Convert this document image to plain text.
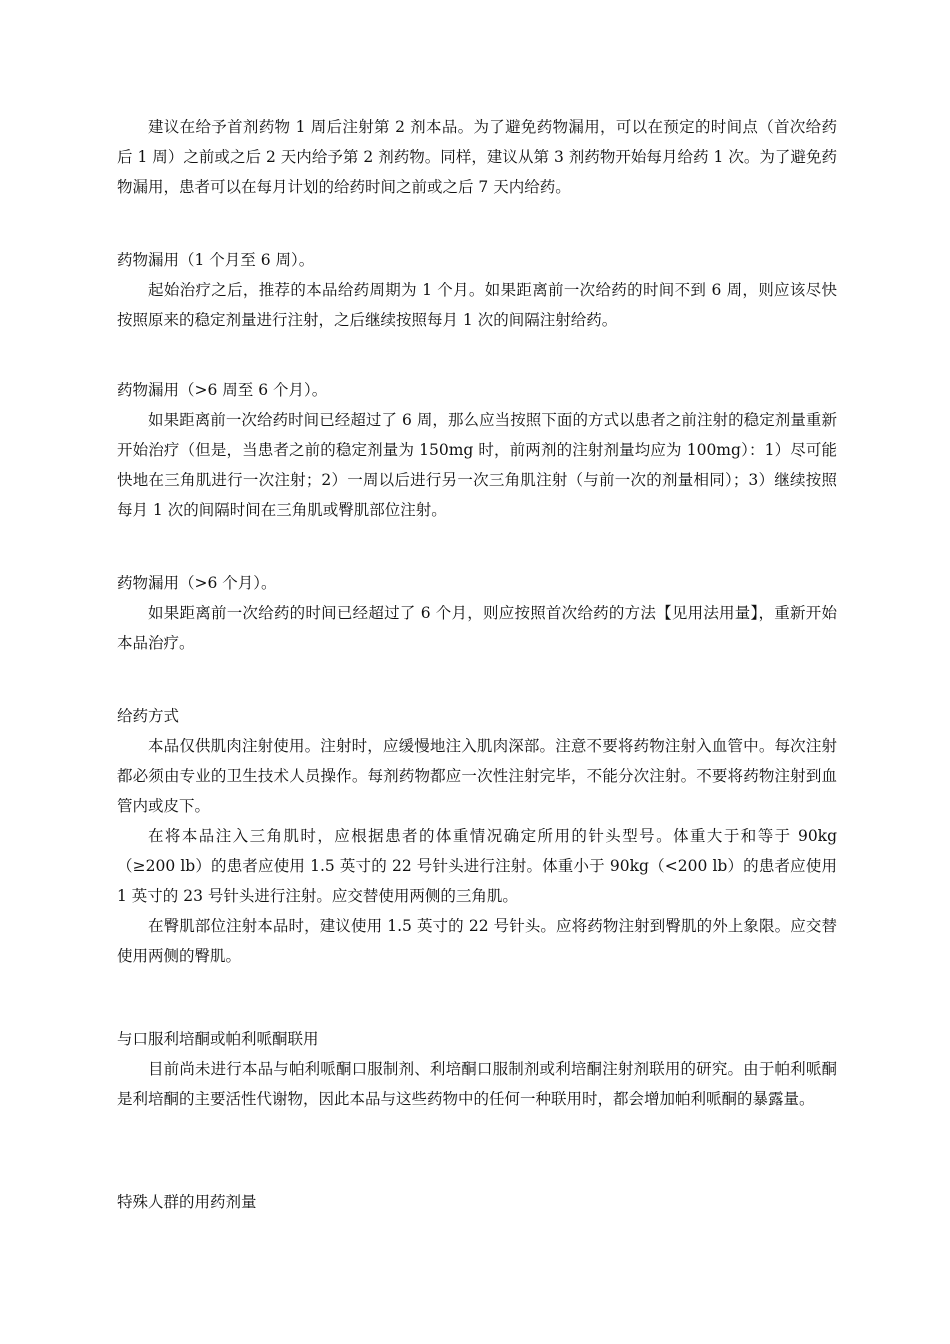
建议在给予首剂药物 1 周后注射第 2 剂本品。为了避免药物漏用，可以在预定的时间点（首次给药后 1 周）之前或之后 2 天内给予第 2 剂药物。同样，建议从第 3 剂药物开始每月给药 1 次。为了避免药物漏用，患者可以在每月计划的给药时间之前或之后 7 天内给药。

药物漏用（1 个月至 6 周）。

起始治疗之后，推荐的本品给药周期为 1 个月。如果距离前一次给药的时间不到 6 周，则应该尽快按照原来的稳定剂量进行注射，之后继续按照每月 1 次的间隔注射给药。

药物漏用（>6 周至 6 个月）。

如果距离前一次给药时间已经超过了 6 周，那么应当按照下面的方式以患者之前注射的稳定剂量重新开始治疗（但是，当患者之前的稳定剂量为 150mg 时，前两剂的注射剂量均应为 100mg）：1）尽可能快地在三角肌进行一次注射；2）一周以后进行另一次三角肌注射（与前一次的剂量相同）；3）继续按照每月 1 次的间隔时间在三角肌或臀肌部位注射。

药物漏用（>6 个月）。

如果距离前一次给药的时间已经超过了 6 个月，则应按照首次给药的方法【见用法用量】，重新开始本品治疗。

给药方式

本品仅供肌肉注射使用。注射时，应缓慢地注入肌肉深部。注意不要将药物注射入血管中。每次注射都必须由专业的卫生技术人员操作。每剂药物都应一次性注射完毕，不能分次注射。不要将药物注射到血管内或皮下。

在将本品注入三角肌时，应根据患者的体重情况确定所用的针头型号。体重大于和等于 90kg（≥200 lb）的患者应使用 1.5 英寸的 22 号针头进行注射。体重小于 90kg（<200 lb）的患者应使用 1 英寸的 23 号针头进行注射。应交替使用两侧的三角肌。

在臀肌部位注射本品时，建议使用 1.5 英寸的 22 号针头。应将药物注射到臀肌的外上象限。应交替使用两侧的臀肌。

与口服利培酮或帕利哌酮联用

目前尚未进行本品与帕利哌酮口服制剂、利培酮口服制剂或利培酮注射剂联用的研究。由于帕利哌酮是利培酮的主要活性代谢物，因此本品与这些药物中的任何一种联用时，都会增加帕利哌酮的暴露量。

特殊人群的用药剂量
